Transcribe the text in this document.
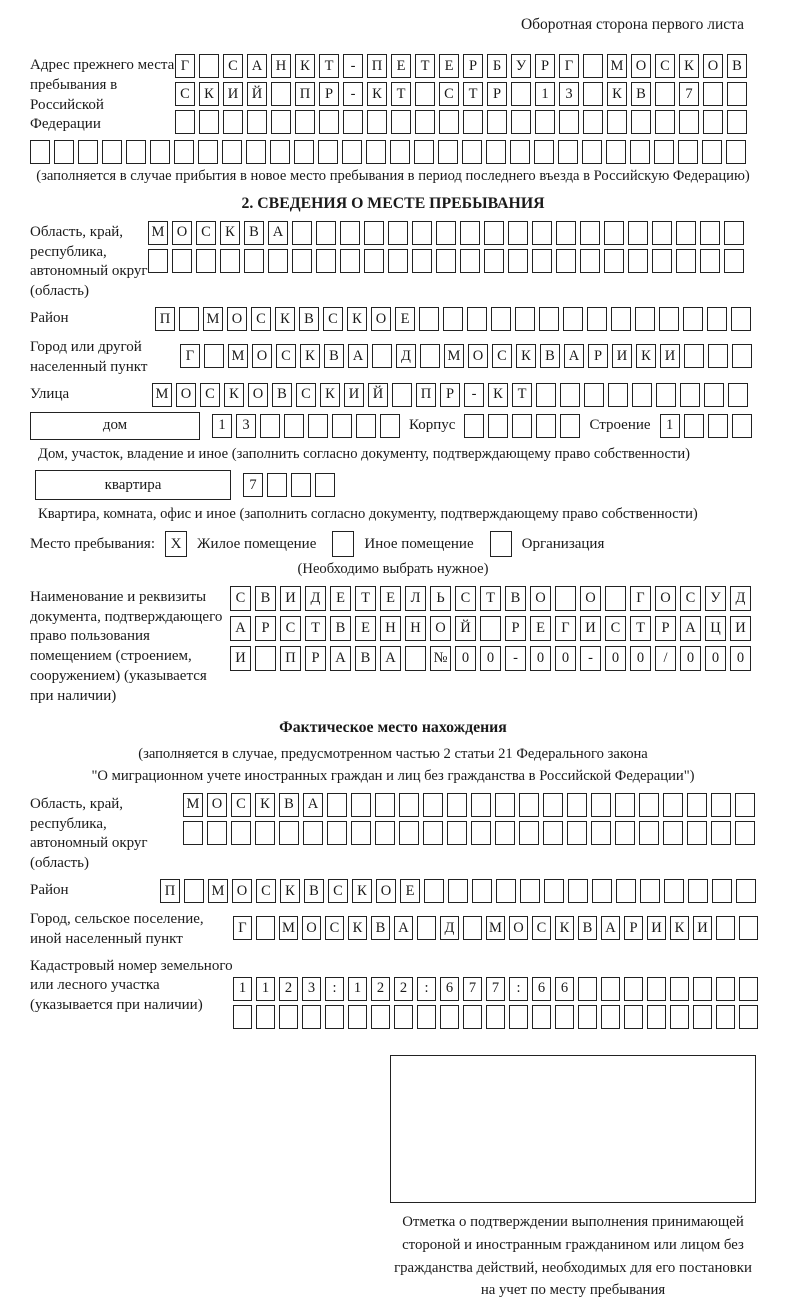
Оборотная сторона первого листа
Адрес прежнего места пребывания в Российской Федерации
Г	С А Н К	Т	-	П Е	Т	Е	Р	Б	У	Р	Г	М О С К О В
С К И Й	П	Р	-	К	Т	С	Т	Р	1	3	К В	7
(заполняется в случае прибытия в новое место пребывания в период последнего въезда в Российскую Федерацию)
2. СВЕДЕНИЯ О МЕСТЕ ПРЕБЫВАНИЯ
Область, край, республика, автономный округ (область)
М О С К В А
Район	П	М О С К В С К О Е
Город или другой населенный пункт
Г	М О С К В А	Д	М О С К В А	Р	И К И
Улица	М О С К О В С К И Й	П	Р	-	К	Т
дом	1	3	Корпус	Строение	1
Дом, участок, владение и иное (заполнить согласно документу, подтверждающему право собственности)
квартира	7
Квартира, комната, офис и иное (заполнить согласно документу, подтверждающему право собственности)
Место пребывания:	X	Жилое помещение	Иное помещение	Организация
(Необходимо выбрать нужное)
Наименование и реквизиты документа, подтверждающего право пользования помещением (строением, сооружением) (указывается при наличии)
С	В	И	Д	Е	Т	Е	Л	Ь	С	Т	В	О	О	Г	О	С	У	Д
А	Р	С	Т	В	Е	Н	Н	О	Й	Р	Е	Г	И	С	Т	Р	А	Ц	И
И	П	Р	А	В	А	№ 0	0	-	0	0	-	0	0	/	0	0	0
Фактическое место нахождения
(заполняется в случае, предусмотренном частью 2 статьи 21 Федерального закона
"О миграционном учете иностранных граждан и лиц без гражданства в Российской Федерации")
Область, край, республика, автономный округ (область)
М О С К В А
Район	П	М О С К В С К О Е
Город, сельское поселение, иной населенный пункт
Г	М О С К В А	Д	М О С К В А Р И К И
Кадастровый номер земельного или лесного участка (указывается при наличии)
1	1	2	3	:	1	2	2	:	6	7	7	:	6	6
Отметка о подтверждении выполнения принимающей стороной и иностранным гражданином или лицом без гражданства действий, необходимых для его постановки на учет по месту пребывания
